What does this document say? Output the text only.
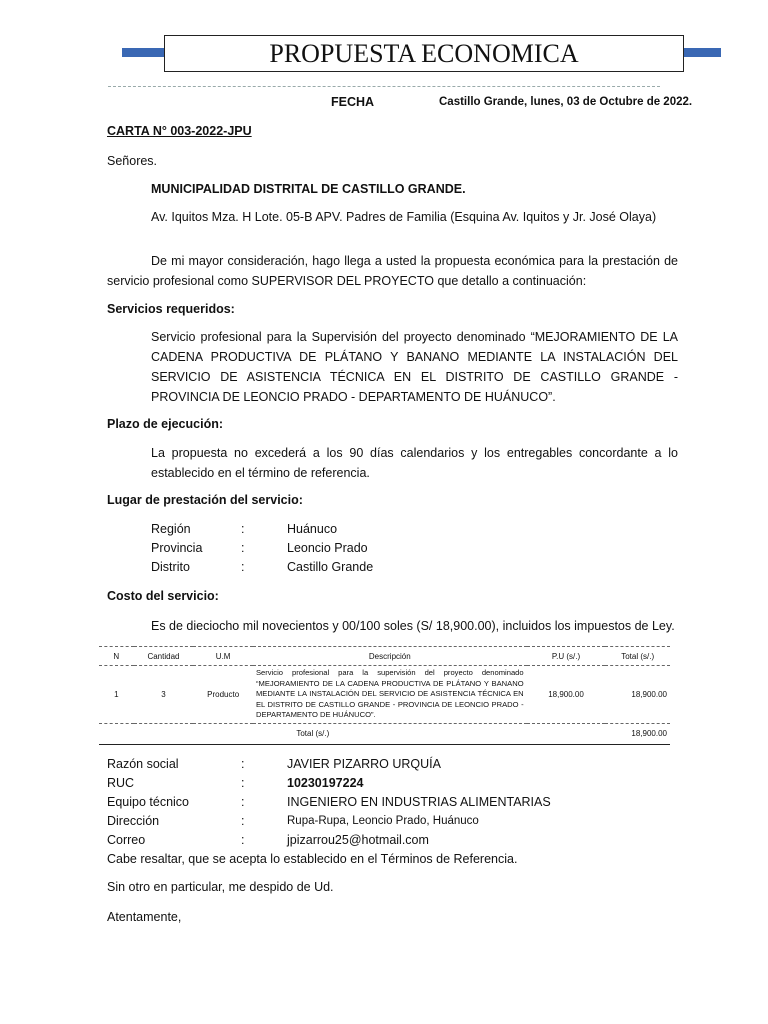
PROPUESTA ECONOMICA
FECHA	Castillo Grande, lunes, 03 de Octubre de 2022.
CARTA N° 003-2022-JPU
Señores.
MUNICIPALIDAD DISTRITAL DE CASTILLO GRANDE.
Av. Iquitos Mza. H Lote. 05-B APV. Padres de Familia (Esquina Av. Iquitos y Jr. José Olaya)
De mi mayor consideración, hago llega a usted la propuesta económica para la prestación de servicio profesional como SUPERVISOR DEL PROYECTO que detallo a continuación:
Servicios requeridos:
Servicio profesional para la Supervisión del proyecto denominado “MEJORAMIENTO DE LA CADENA PRODUCTIVA DE PLÁTANO Y BANANO MEDIANTE LA INSTALACIÓN DEL SERVICIO DE ASISTENCIA TÉCNICA EN EL DISTRITO DE CASTILLO GRANDE - PROVINCIA DE LEONCIO PRADO - DEPARTAMENTO DE HUÁNUCO”.
Plazo de ejecución:
La propuesta no excederá a los 90 días calendarios y los entregables concordante a lo establecido en el término de referencia.
Lugar de prestación del servicio:
Región	:	Huánuco
Provincia	:	Leoncio Prado
Distrito	:	Castillo Grande
Costo del servicio:
Es de dieciocho mil novecientos y 00/100 soles (S/ 18,900.00), incluidos los impuestos de Ley.
N	Cantidad	U.M	Descripción	P.U (s/.)	Total (s/.)
1	3	Producto	Servicio profesional para la supervisión del proyecto denominado “MEJORAMIENTO DE LA CADENA PRODUCTIVA DE PLÁTANO Y BANANO MEDIANTE LA INSTALACIÓN DEL SERVICIO DE ASISTENCIA TÉCNICA EN EL DISTRITO DE CASTILLO GRANDE - PROVINCIA DE LEONCIO PRADO - DEPARTAMENTO DE HUÁNUCO”.	18,900.00	18,900.00
Total (s/.)					18,900.00
Razón social	:	JAVIER PIZARRO URQUÍA
RUC	:	10230197224
Equipo técnico	:	INGENIERO EN INDUSTRIAS ALIMENTARIAS
Dirección	:	Rupa-Rupa, Leoncio Prado, Huánuco
Correo	:	jpizarrou25@hotmail.com
Cabe resaltar, que se acepta lo establecido en el Términos de Referencia.
Sin otro en particular, me despido de Ud.
Atentamente,
